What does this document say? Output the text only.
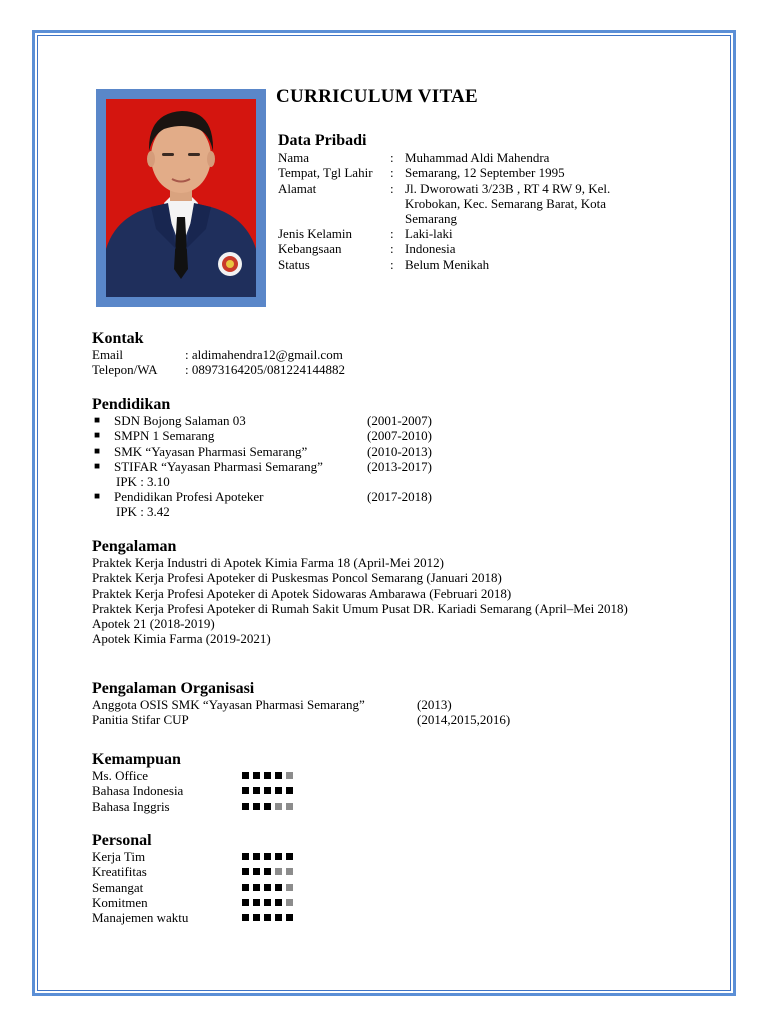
CURRICULUM VITAE
Data Pribadi
Nama	: Muhammad Aldi Mahendra
Tempat, Tgl Lahir	: Semarang, 12 September 1995
Alamat	: Jl. Dworowati 3/23B , RT 4 RW 9, Kel. Krobokan, Kec. Semarang Barat, Kota Semarang
Jenis Kelamin	: Laki-laki
Kebangsaan	: Indonesia
Status	: Belum Menikah
Kontak
Email	: aldimahendra12@gmail.com
Telepon/WA	: 08973164205/081224144882
Pendidikan
■	SDN Bojong Salaman 03	(2001-2007)
■	SMPN 1 Semarang	(2007-2010)
■	SMK “Yayasan Pharmasi Semarang”	(2010-2013)
■	STIFAR “Yayasan Pharmasi Semarang”	(2013-2017)
IPK : 3.10
■	Pendidikan Profesi Apoteker	(2017-2018)
IPK : 3.42
Pengalaman
Praktek Kerja Industri di Apotek Kimia Farma 18 (April-Mei 2012)
Praktek Kerja Profesi Apoteker di Puskesmas Poncol Semarang (Januari 2018)
Praktek Kerja Profesi Apoteker di Apotek Sidowaras Ambarawa (Februari 2018)
Praktek Kerja Profesi Apoteker di Rumah Sakit Umum Pusat DR. Kariadi Semarang (April–Mei 2018)
Apotek 21 (2018-2019)
Apotek Kimia Farma (2019-2021)
Pengalaman Organisasi
Anggota OSIS SMK “Yayasan Pharmasi Semarang”	(2013)
Panitia Stifar CUP	(2014,2015,2016)
Kemampuan
Ms. Office
Bahasa Indonesia
Bahasa Inggris
Personal
Kerja Tim
Kreatifitas
Semangat
Komitmen
Manajemen waktu
